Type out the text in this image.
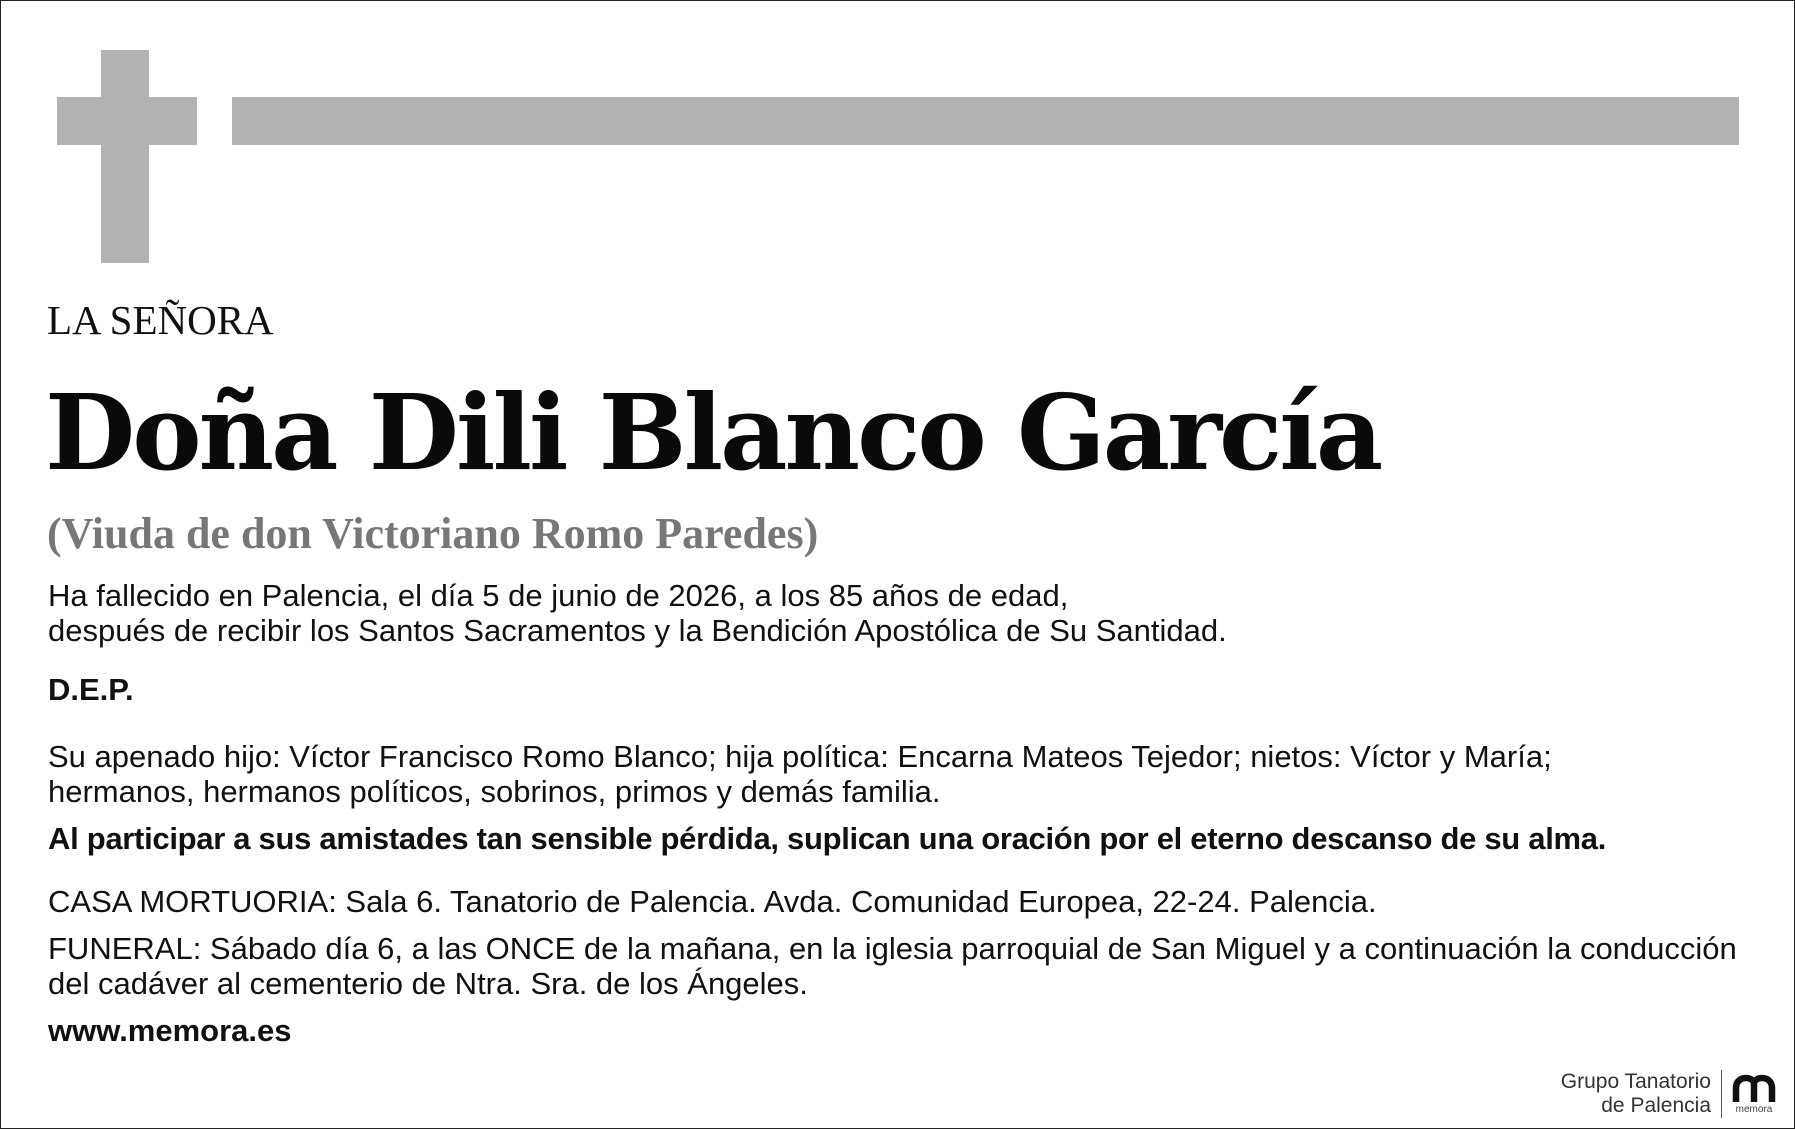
LA SEÑORA
Doña Dili Blanco García
(Viuda de don Victoriano Romo Paredes)
Ha fallecido en Palencia, el día 5 de junio de 2026, a los 85 años de edad,
después de recibir los Santos Sacramentos y la Bendición Apostólica de Su Santidad.
D.E.P.
Su apenado hijo: Víctor Francisco Romo Blanco; hija política: Encarna Mateos Tejedor; nietos: Víctor y María;
hermanos, hermanos políticos, sobrinos, primos y demás familia.
Al participar a sus amistades tan sensible pérdida, suplican una oración por el eterno descanso de su alma.
CASA MORTUORIA: Sala 6. Tanatorio de Palencia. Avda. Comunidad Europea, 22-24. Palencia.
FUNERAL: Sábado día 6, a las ONCE de la mañana, en la iglesia parroquial de San Miguel y a continuación la conducción
del cadáver al cementerio de Ntra. Sra. de los Ángeles.
www.memora.es
Grupo Tanatorio
de Palencia memora
